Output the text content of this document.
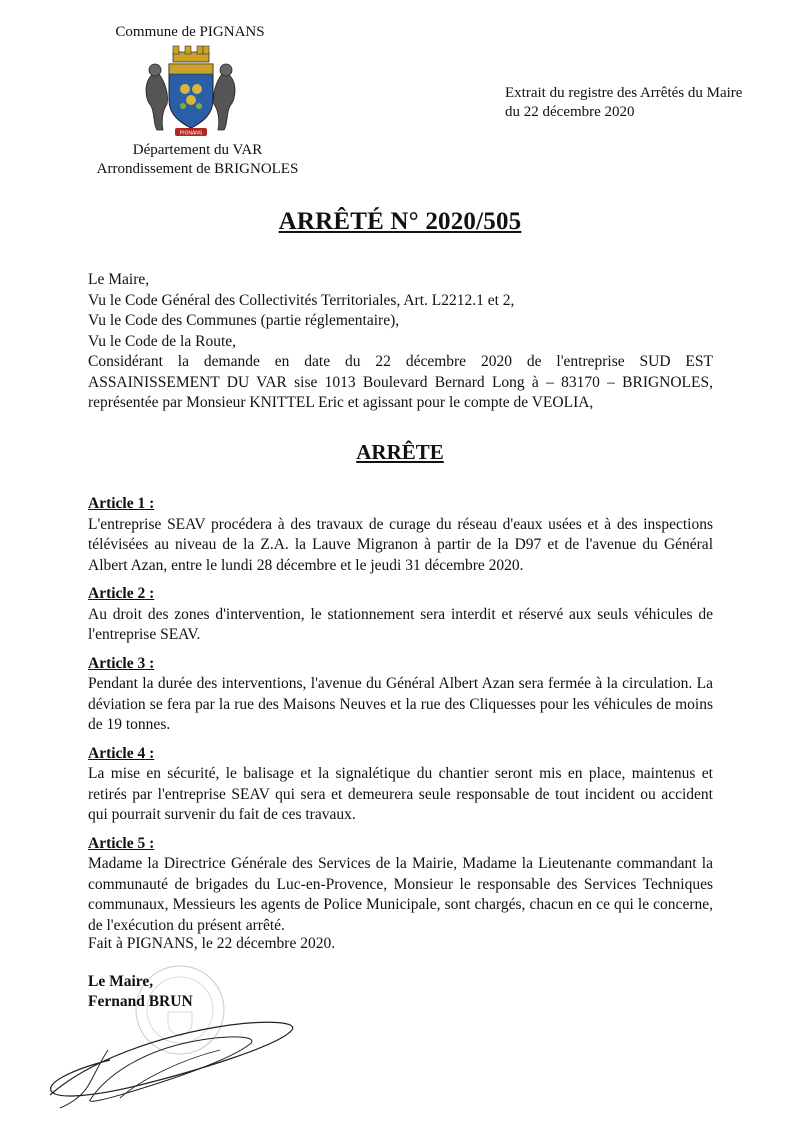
Commune de PIGNANS
PIGNANS
Département du VAR
Arrondissement de BRIGNOLES
Extrait du registre des Arrêtés du Maire
du 22 décembre 2020
ARRÊTÉ N° 2020/505

Le Maire,

Vu le Code Général des Collectivités Territoriales, Art. L2212.1 et 2,

Vu le Code des Communes (partie réglementaire),

Vu le Code de la Route,

Considérant la demande en date du 22 décembre 2020 de l'entreprise SUD EST ASSAINISSEMENT DU VAR sise 1013 Boulevard Bernard Long à – 83170 – BRIGNOLES, représentée par Monsieur KNITTEL Eric et agissant pour le compte de VEOLIA,

ARRÊTE
Article 1 :

L'entreprise SEAV procédera à des travaux de curage du réseau d'eaux usées et à des inspections télévisées au niveau de la Z.A. la Lauve Migranon à partir de la D97 et de l'avenue du Général Albert Azan, entre le lundi 28 décembre et le jeudi 31 décembre 2020.

Article 2 :

Au droit des zones d'intervention, le stationnement sera interdit et réservé aux seuls véhicules de l'entreprise SEAV.

Article 3 :

Pendant la durée des interventions, l'avenue du Général Albert Azan sera fermée à la circulation. La déviation se fera par la rue des Maisons Neuves et la rue des Cliquesses pour les véhicules de moins de 19 tonnes.

Article 4 :

La mise en sécurité, le balisage et la signalétique du chantier seront mis en place, maintenus et retirés par l'entreprise SEAV qui sera et demeurera seule responsable de tout incident ou accident qui pourrait survenir du fait de ces travaux.

Article 5 :

Madame la Directrice Générale des Services de la Mairie, Madame la Lieutenante commandant la communauté de brigades du Luc-en-Provence, Monsieur le responsable des Services Techniques communaux, Messieurs les agents de Police Municipale, sont chargés, chacun en ce qui le concerne, de l'exécution du présent arrêté.

Fait à PIGNANS, le 22 décembre 2020.
Le Maire,
Fernand BRUN
